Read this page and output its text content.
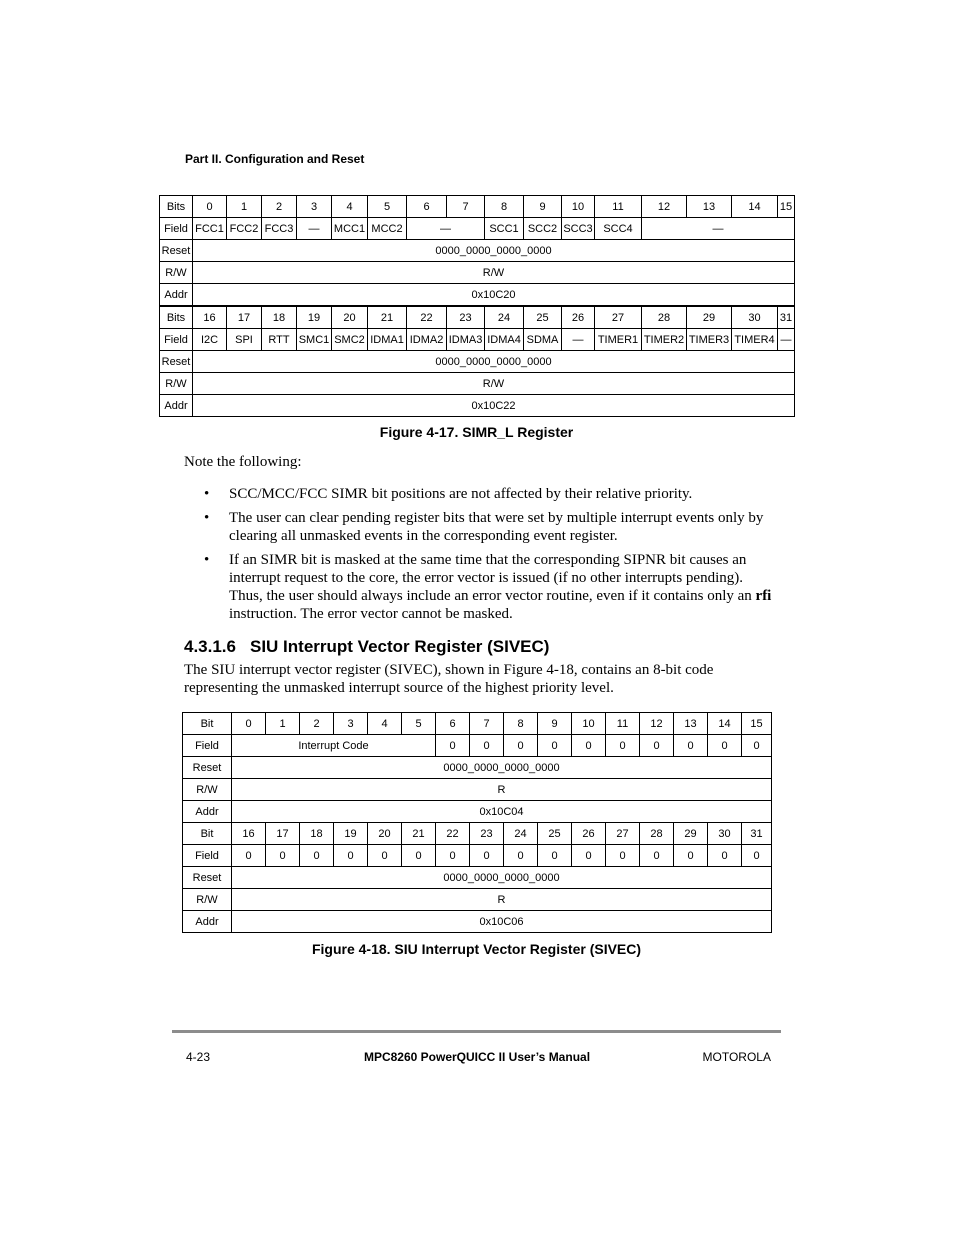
Part II. Configuration and Reset
Bits	0	1	2	3	4	5	6	7	8	9	10	11	12	13	14	15
Field	FCC1	FCC2	FCC3	—	MCC1	MCC2	—		SCC1	SCC2	SCC3	SCC4	—			
Reset	0000_0000_0000_0000															
R/W	R/W															
Addr	0x10C20															
Bits	16	17	18	19	20	21	22	23	24	25	26	27	28	29	30	31
Field	I2C	SPI	RTT	SMC1	SMC2	IDMA1	IDMA2	IDMA3	IDMA4	SDMA	—	TIMER1	TIMER2	TIMER3	TIMER4	—
Reset	0000_0000_0000_0000															
R/W	R/W															
Addr	0x10C22															
Figure 4-17. SIMR_L Register
Note the following:
• SCC/MCC/FCC SIMR bit positions are not affected by their relative priority.
• The user can clear pending register bits that were set by multiple interrupt events only by clearing all unmasked events in the corresponding event register.
• If an SIMR bit is masked at the same time that the corresponding SIPNR bit causes an interrupt request to the core, the error vector is issued (if no other interrupts pending). Thus, the user should always include an error vector routine, even if it contains only an rfi instruction. The error vector cannot be masked.
4.3.1.6 SIU Interrupt Vector Register (SIVEC)
The SIU interrupt vector register (SIVEC), shown in Figure 4-18, contains an 8-bit code representing the unmasked interrupt source of the highest priority level.
Bit	0	1	2	3	4	5	6	7	8	9	10	11	12	13	14	15
Field	Interrupt Code						0	0	0	0	0	0	0	0	0	0
Reset	0000_0000_0000_0000															
R/W	R															
Addr	0x10C04															
Bit	16	17	18	19	20	21	22	23	24	25	26	27	28	29	30	31
Field	0	0	0	0	0	0	0	0	0	0	0	0	0	0	0	0
Reset	0000_0000_0000_0000															
R/W	R															
Addr	0x10C06															
Figure 4-18. SIU Interrupt Vector Register (SIVEC)
4-23	MPC8260 PowerQUICC II User’s Manual	MOTOROLA
